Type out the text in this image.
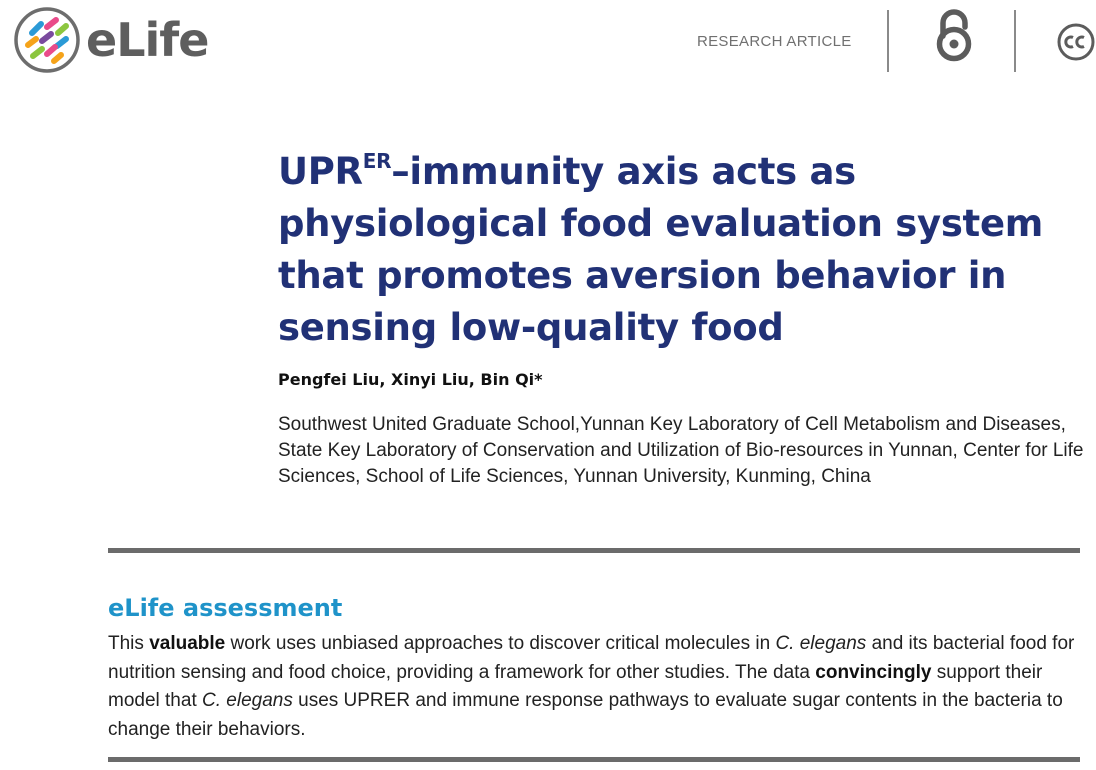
eLife	RESEARCH ARTICLE
$UPR^{ER}$–immunity axis acts as physiological food evaluation system that promotes aversion behavior in sensing low-quality food
Pengfei Liu, Xinyi Liu, Bin Qi*
Southwest United Graduate School,Yunnan Key Laboratory of Cell Metabolism and Diseases, State Key Laboratory of Conservation and Utilization of Bio-resources in Yunnan, Center for Life Sciences, School of Life Sciences, Yunnan University, Kunming, China
eLife assessment

This valuable work uses unbiased approaches to discover critical molecules in C. elegans and its bacterial food for nutrition sensing and food choice, providing a framework for other studies. The data convincingly support their model that C. elegans uses UPRER and immune response pathways to evaluate sugar contents in the bacteria to change their behaviors.
